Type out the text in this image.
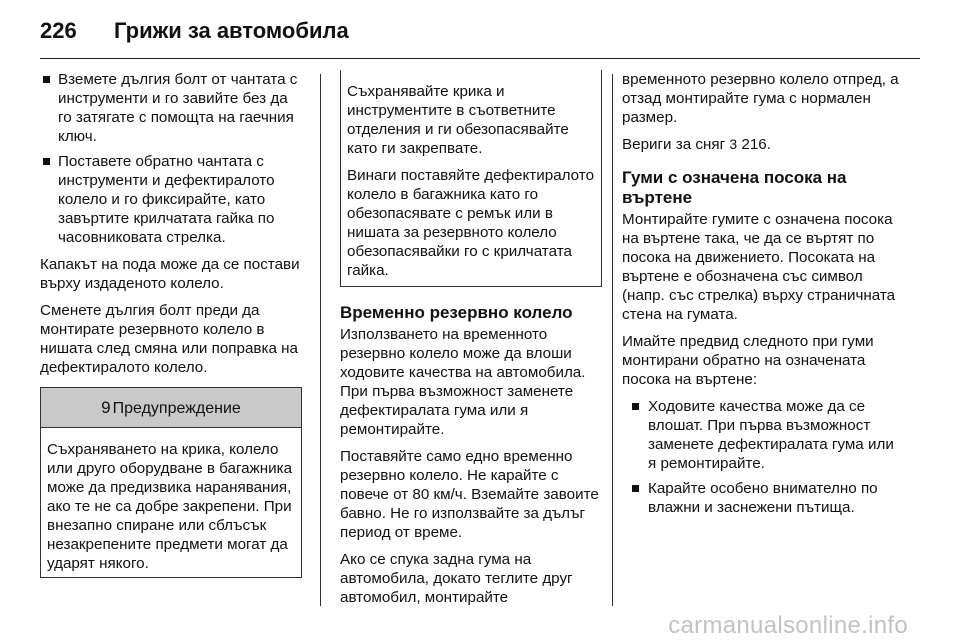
226 Грижи за автомобила
Вземете дългия болт от чантата с инструменти и го завийте без да го затягате с помощта на гаечния ключ.
Поставете обратно чантата с инструменти и дефектиралото колело и го фиксирайте, като завъртите крилчатата гайка по часовниковата стрелка.

Капакът на пода може да се постави върху издаденото колело.

Сменете дългия болт преди да монтирате резервното колело в нишата след смяна или поправка на дефектиралото колело.

9 Предупреждение
Съхраняването на крика, колело или друго оборудване в багажника може да предизвика наранявания, ако те не са добре закрепени. При внезапно спиране или сблъсък незакрепените предмети могат да ударят някого.

Съхранявайте крика и инструментите в съответните отделения и ги обезопасявайте като ги закрепвате.

Винаги поставяйте дефектиралото колело в багажника като го обезопасявате с ремък или в нишата за резервното колело обезопасявайки го с крилчатата гайка.

Временно резервно колело

Използването на временното резервно колело може да влоши ходовите качества на автомобила. При първа възможност заменете дефектиралата гума или я ремонтирайте.

Поставяйте само едно временно резервно колело. Не карайте с повече от 80 км/ч. Вземайте завоите бавно. Не го използвайте за дълъг период от време.

Ако се спука задна гума на автомобила, докато теглите друг автомобил, монтирайте

временното резервно колело отпред, а отзад монтирайте гума с нормален размер.

Вериги за сняг 3 216.

Гуми с означена посока на въртене

Монтирайте гумите с означена посока на въртене така, че да се въртят по посока на движението. Посоката на въртене е обозначена със символ (напр. със стрелка) върху страничната стена на гумата.

Имайте предвид следното при гуми монтирани обратно на означената посока на въртене:

Ходовите качества може да се влошат. При първа възможност заменете дефектиралата гума или я ремонтирайте.
Карайте особено внимателно по влажни и заснежени пътища.
carmanualsonline.info
